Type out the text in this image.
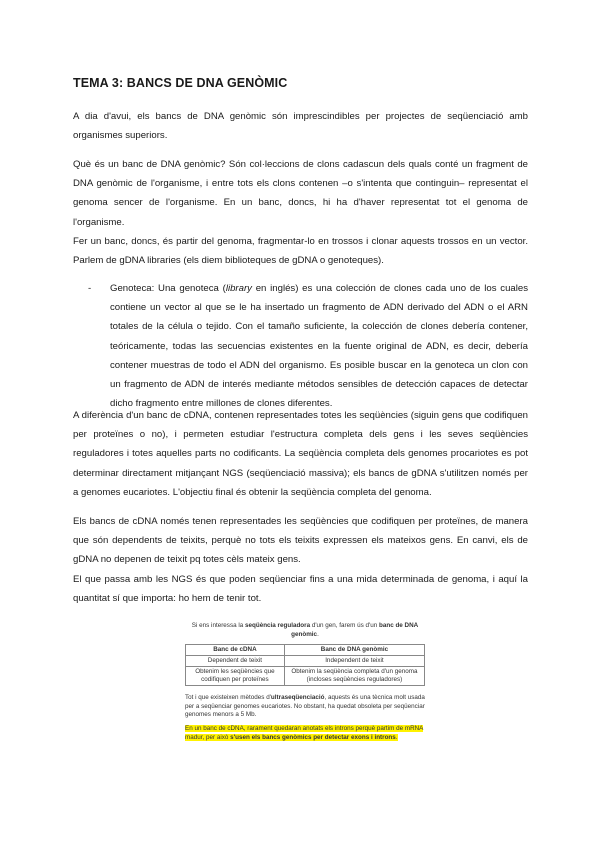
TEMA 3: BANCS DE DNA GENÒMIC
A dia d'avui, els bancs de DNA genòmic són imprescindibles per projectes de seqüenciació amb organismes superiors.
Què és un banc de DNA genòmic? Són col·leccions de clons cadascun dels quals conté un fragment de DNA genòmic de l'organisme, i entre tots els clons contenen –o s'intenta que continguin– representat el genoma sencer de l'organisme. En un banc, doncs, hi ha d'haver representat tot el genoma de l'organisme.
Fer un banc, doncs, és partir del genoma, fragmentar-lo en trossos i clonar aquests trossos en un vector. Parlem de gDNA libraries (els diem biblioteques de gDNA o genoteques).
- Genoteca: Una genoteca (library en inglés) es una colección de clones cada uno de los cuales contiene un vector al que se le ha insertado un fragmento de ADN derivado del ADN o el ARN totales de la célula o tejido. Con el tamaño suficiente, la colección de clones debería contener, teóricamente, todas las secuencias existentes en la fuente original de ADN, es decir, debería contener muestras de todo el ADN del organismo. Es posible buscar en la genoteca un clon con un fragmento de ADN de interés mediante métodos sensibles de detección capaces de detectar dicho fragmento entre millones de clones diferentes.
A diferència d'un banc de cDNA, contenen representades totes les seqüències (siguin gens que codifiquen per proteïnes o no), i permeten estudiar l'estructura completa dels gens i les seves seqüències reguladores i totes aquelles parts no codificants. La seqüència completa dels genomes procariotes es pot determinar directament mitjançant NGS (seqüenciació massiva); els bancs de gDNA s'utilitzen només per a genomes eucariotes. L'objectiu final és obtenir la seqüència completa del genoma.
Els bancs de cDNA només tenen representades les seqüències que codifiquen per proteïnes, de manera que són dependents de teixits, perquè no tots els teixits expressen els mateixos gens. En canvi, els de gDNA no depenen de teixit pq totes cèls mateix gens.
El que passa amb les NGS és que poden seqüenciar fins a una mida determinada de genoma, i aquí la quantitat sí que importa: ho hem de tenir tot.
Si ens interessa la seqüència reguladora d'un gen, farem ús d'un banc de DNA genòmic.
Banc de cDNA	Banc de DNA genòmic
Dependent de teixit	Independent de teixit
Obtenim les seqüències que codifiquen per proteïnes	Obtenim la seqüència completa d'un genoma (incloses seqüències reguladores)
Tot i que existeixen mètodes d'ultraseqüenciació, aquests és una tècnica molt usada per a seqüenciar genomes eucariotes. No obstant, ha quedat obsoleta per seqüenciar genomes menors a 5 Mb.
En un banc de cDNA, rarament quedaran anotats els introns perquè partim de mRNA madur, per això s'usen els bancs genòmics per detectar exons i introns.
